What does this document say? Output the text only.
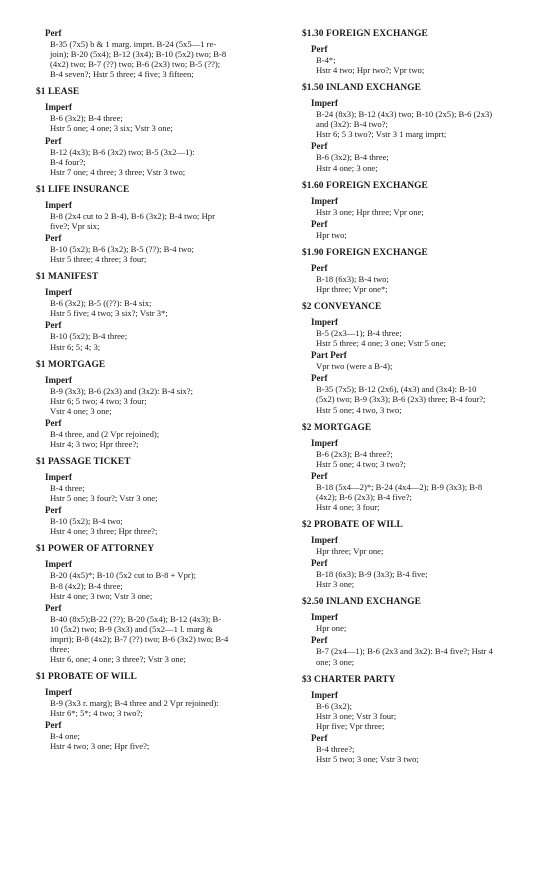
Perf
B-35 (7x5) b & 1 marg. imprt. B-24 (5x5—1 re-
join); B-20 (5x4); B-12 (3x4); B-10 (5x2) two; B-8
(4x2) two; B-7 (??) two; B-6 (2x3) two; B-5 (??);
B-4 seven?; Hstr 5 three; 4 five; 3 fifteen;
$1 LEASE
Imperf
B-6 (3x2); B-4 three;
Hstr 5 one; 4 one; 3 six; Vstr 3 one;
Perf
B-12 (4x3); B-6 (3x2) two; B-5 (3x2—1):
B-4 four?;
Hstr 7 one; 4 three; 3 three; Vstr 3 two;
$1 LIFE INSURANCE
Imperf
B-8 (2x4 cut to 2 B-4), B-6 (3x2); B-4 two; Hpr
five?; Vpr six;
Perf
B-10 (5x2); B-6 (3x2); B-5 (??); B-4 two;
Hstr 5 three; 4 three; 3 four;
$1 MANIFEST
Imperf
B-6 (3x2); B-5 ((??): B-4 six;
Hstr 5 five; 4 two; 3 six?; Vstr 3*;
Perf
B-10 (5x2); B-4 three;
Hstr 6; 5; 4; 3;
$1 MORTGAGE
Imperf
B-9 (3x3); B-6 (2x3) and (3x2): B-4 six?;
Hstr 6; 5 two; 4 two; 3 four;
Vstr 4 one; 3 one;
Perf
B-4 three, and (2 Vpr rejoined);
Hstr 4; 3 two; Hpr three?;
$1 PASSAGE TICKET
Imperf
B-4 three;
Hstr 5 one; 3 four?; Vstr 3 one;
Perf
B-10 (5x2); B-4 two;
Hstr 4 one; 3 three; Hpr three?;
$1 POWER OF ATTORNEY
Imperf
B-20 (4x5)*; B-10 (5x2 cut to B-8 + Vpr);
B-8 (4x2); B-4 three;
Hstr 4 one; 3 two; Vstr 3 one;
Perf
B-40 (8x5);B-22 (??); B-20 (5x4); B-12 (4x3); B-
10 (5x2) two; B-9 (3x3) and (5x2—1 l. marg &
imprt); B-8 (4x2); B-7 (??) two; B-6 (3x2) two; B-4
three;
Hstr 6, one; 4 one; 3 three?; Vstr 3 one;
$1 PROBATE OF WILL
Imperf
B-9 (3x3 r. marg); B-4 three and 2 Vpr rejoined):
Hstr 6*; 5*; 4 two; 3 two?;
Perf
B-4 one;
Hstr 4 two; 3 one; Hpr five?;
$1.30 FOREIGN EXCHANGE
Perf
B-4*;
Hstr 4 two; Hpr two?; Vpr two;
$1.50 INLAND EXCHANGE
Imperf
B-24 (8x3); B-12 (4x3) two; B-10 (2x5); B-6 (2x3)
and (3x2): B-4 two?;
Hstr 6; 5 3 two?; Vstr 3 1 marg imprt;
Perf
B-6 (3x2); B-4 three;
Hstr 4 one; 3 one;
$1.60 FOREIGN EXCHANGE
Imperf
Hstr 3 one; Hpr three; Vpr one;
Perf
Hpr two;
$1.90 FOREIGN EXCHANGE
Perf
B-18 (6x3); B-4 two;
Hpr three; Vpr one*;
$2 CONVEYANCE
Imperf
B-5 (2x3—1); B-4 three;
Hstr 5 three; 4 one; 3 one; Vstr 5 one;
Part Perf
Vpr two (were a B-4);
Perf
B-35 (7x5); B-12 (2x6), (4x3) and (3x4): B-10
(5x2) two; B-9 (3x3); B-6 (2x3) three; B-4 four?;
Hstr 5 one; 4 two, 3 two;
$2 MORTGAGE
Imperf
B-6 (2x3); B-4 three?;
Hstr 5 one; 4 two; 3 two?;
Perf
B-18 (5x4—2)*; B-24 (4x4—2); B-9 (3x3); B-8
(4x2); B-6 (2x3); B-4 five?;
Hstr 4 one; 3 four;
$2 PROBATE OF WILL
Imperf
Hpr three; Vpr one;
Perf
B-18 (6x3); B-9 (3x3); B-4 five;
Hstr 3 one;
$2.50 INLAND EXCHANGE
Imperf
Hpr one;
Perf
B-7 (2x4—1); B-6 (2x3 and 3x2): B-4 five?; Hstr 4
one; 3 one;
$3 CHARTER PARTY
Imperf
B-6 (3x2);
Hstr 3 one; Vstr 3 four;
Hpr five; Vpr three;
Perf
B-4 three?;
Hstr 5 two; 3 one; Vstr 3 two;
